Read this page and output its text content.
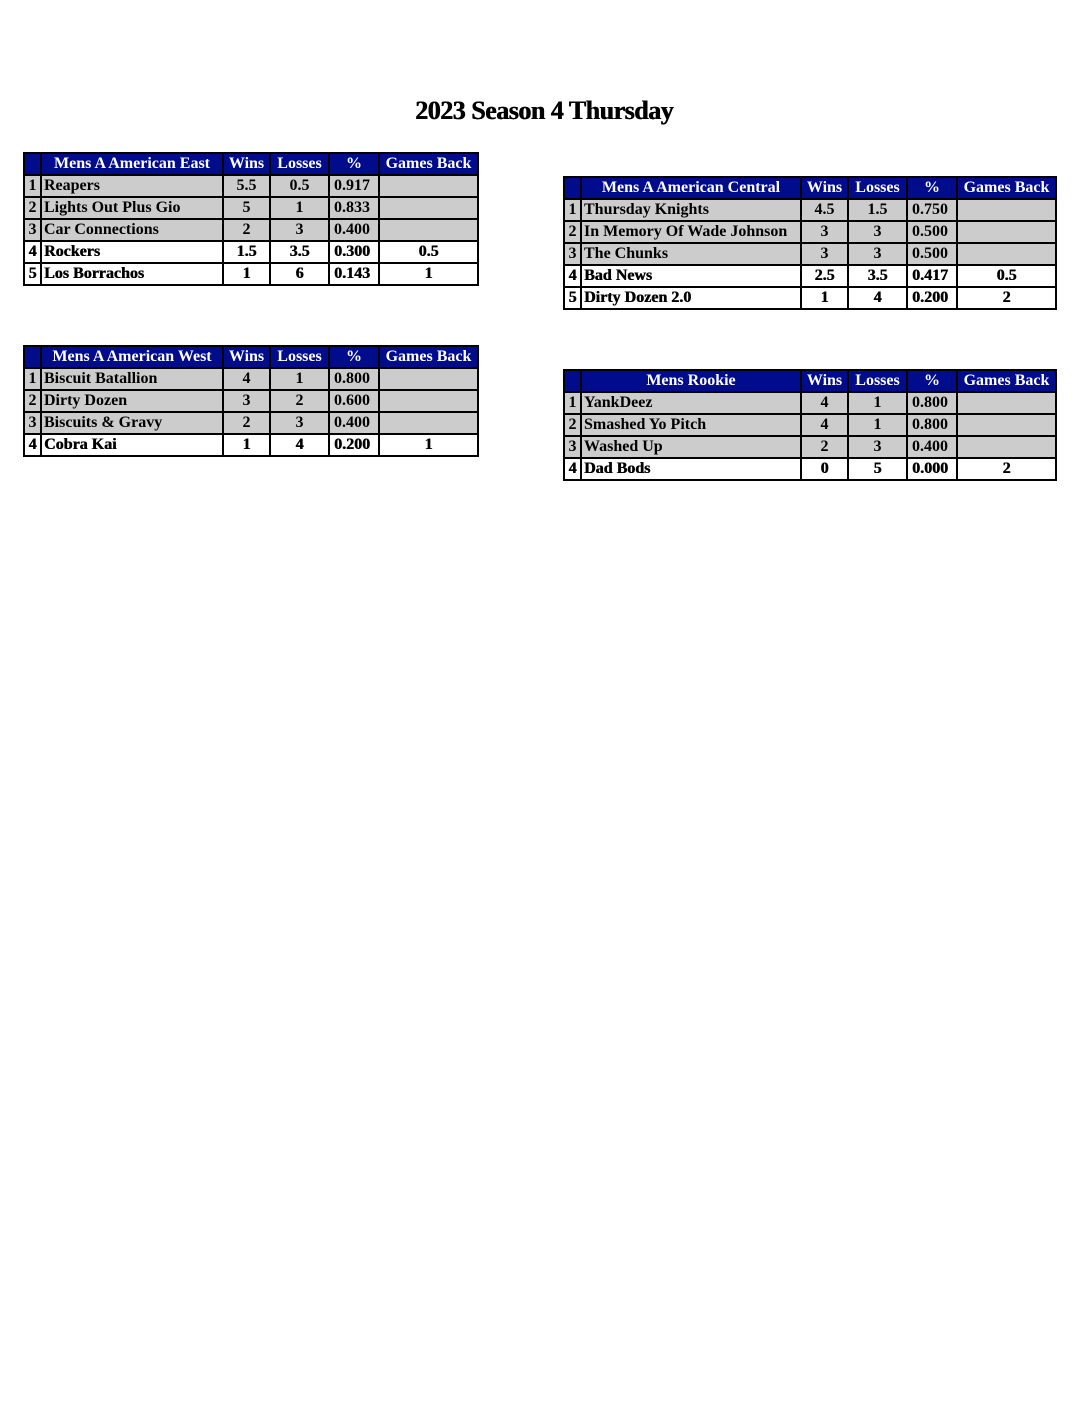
2023 Season 4 Thursday
	Mens A American East	Wins	Losses	%	Games Back
1	Reapers	5.5	0.5	0.917	
2	Lights Out Plus Gio	5	1	0.833	
3	Car Connections	2	3	0.400	
4	Rockers	1.5	3.5	0.300	0.5
5	Los Borrachos	1	6	0.143	1
	Mens A American West	Wins	Losses	%	Games Back
1	Biscuit Batallion	4	1	0.800	
2	Dirty Dozen	3	2	0.600	
3	Biscuits & Gravy	2	3	0.400	
4	Cobra Kai	1	4	0.200	1
	Mens A American Central	Wins	Losses	%	Games Back
1	Thursday Knights	4.5	1.5	0.750	
2	In Memory Of Wade Johnson	3	3	0.500	
3	The Chunks	3	3	0.500	
4	Bad News	2.5	3.5	0.417	0.5
5	Dirty Dozen 2.0	1	4	0.200	2
	Mens Rookie	Wins	Losses	%	Games Back
1	YankDeez	4	1	0.800	
2	Smashed Yo Pitch	4	1	0.800	
3	Washed Up	2	3	0.400	
4	Dad Bods	0	5	0.000	2
